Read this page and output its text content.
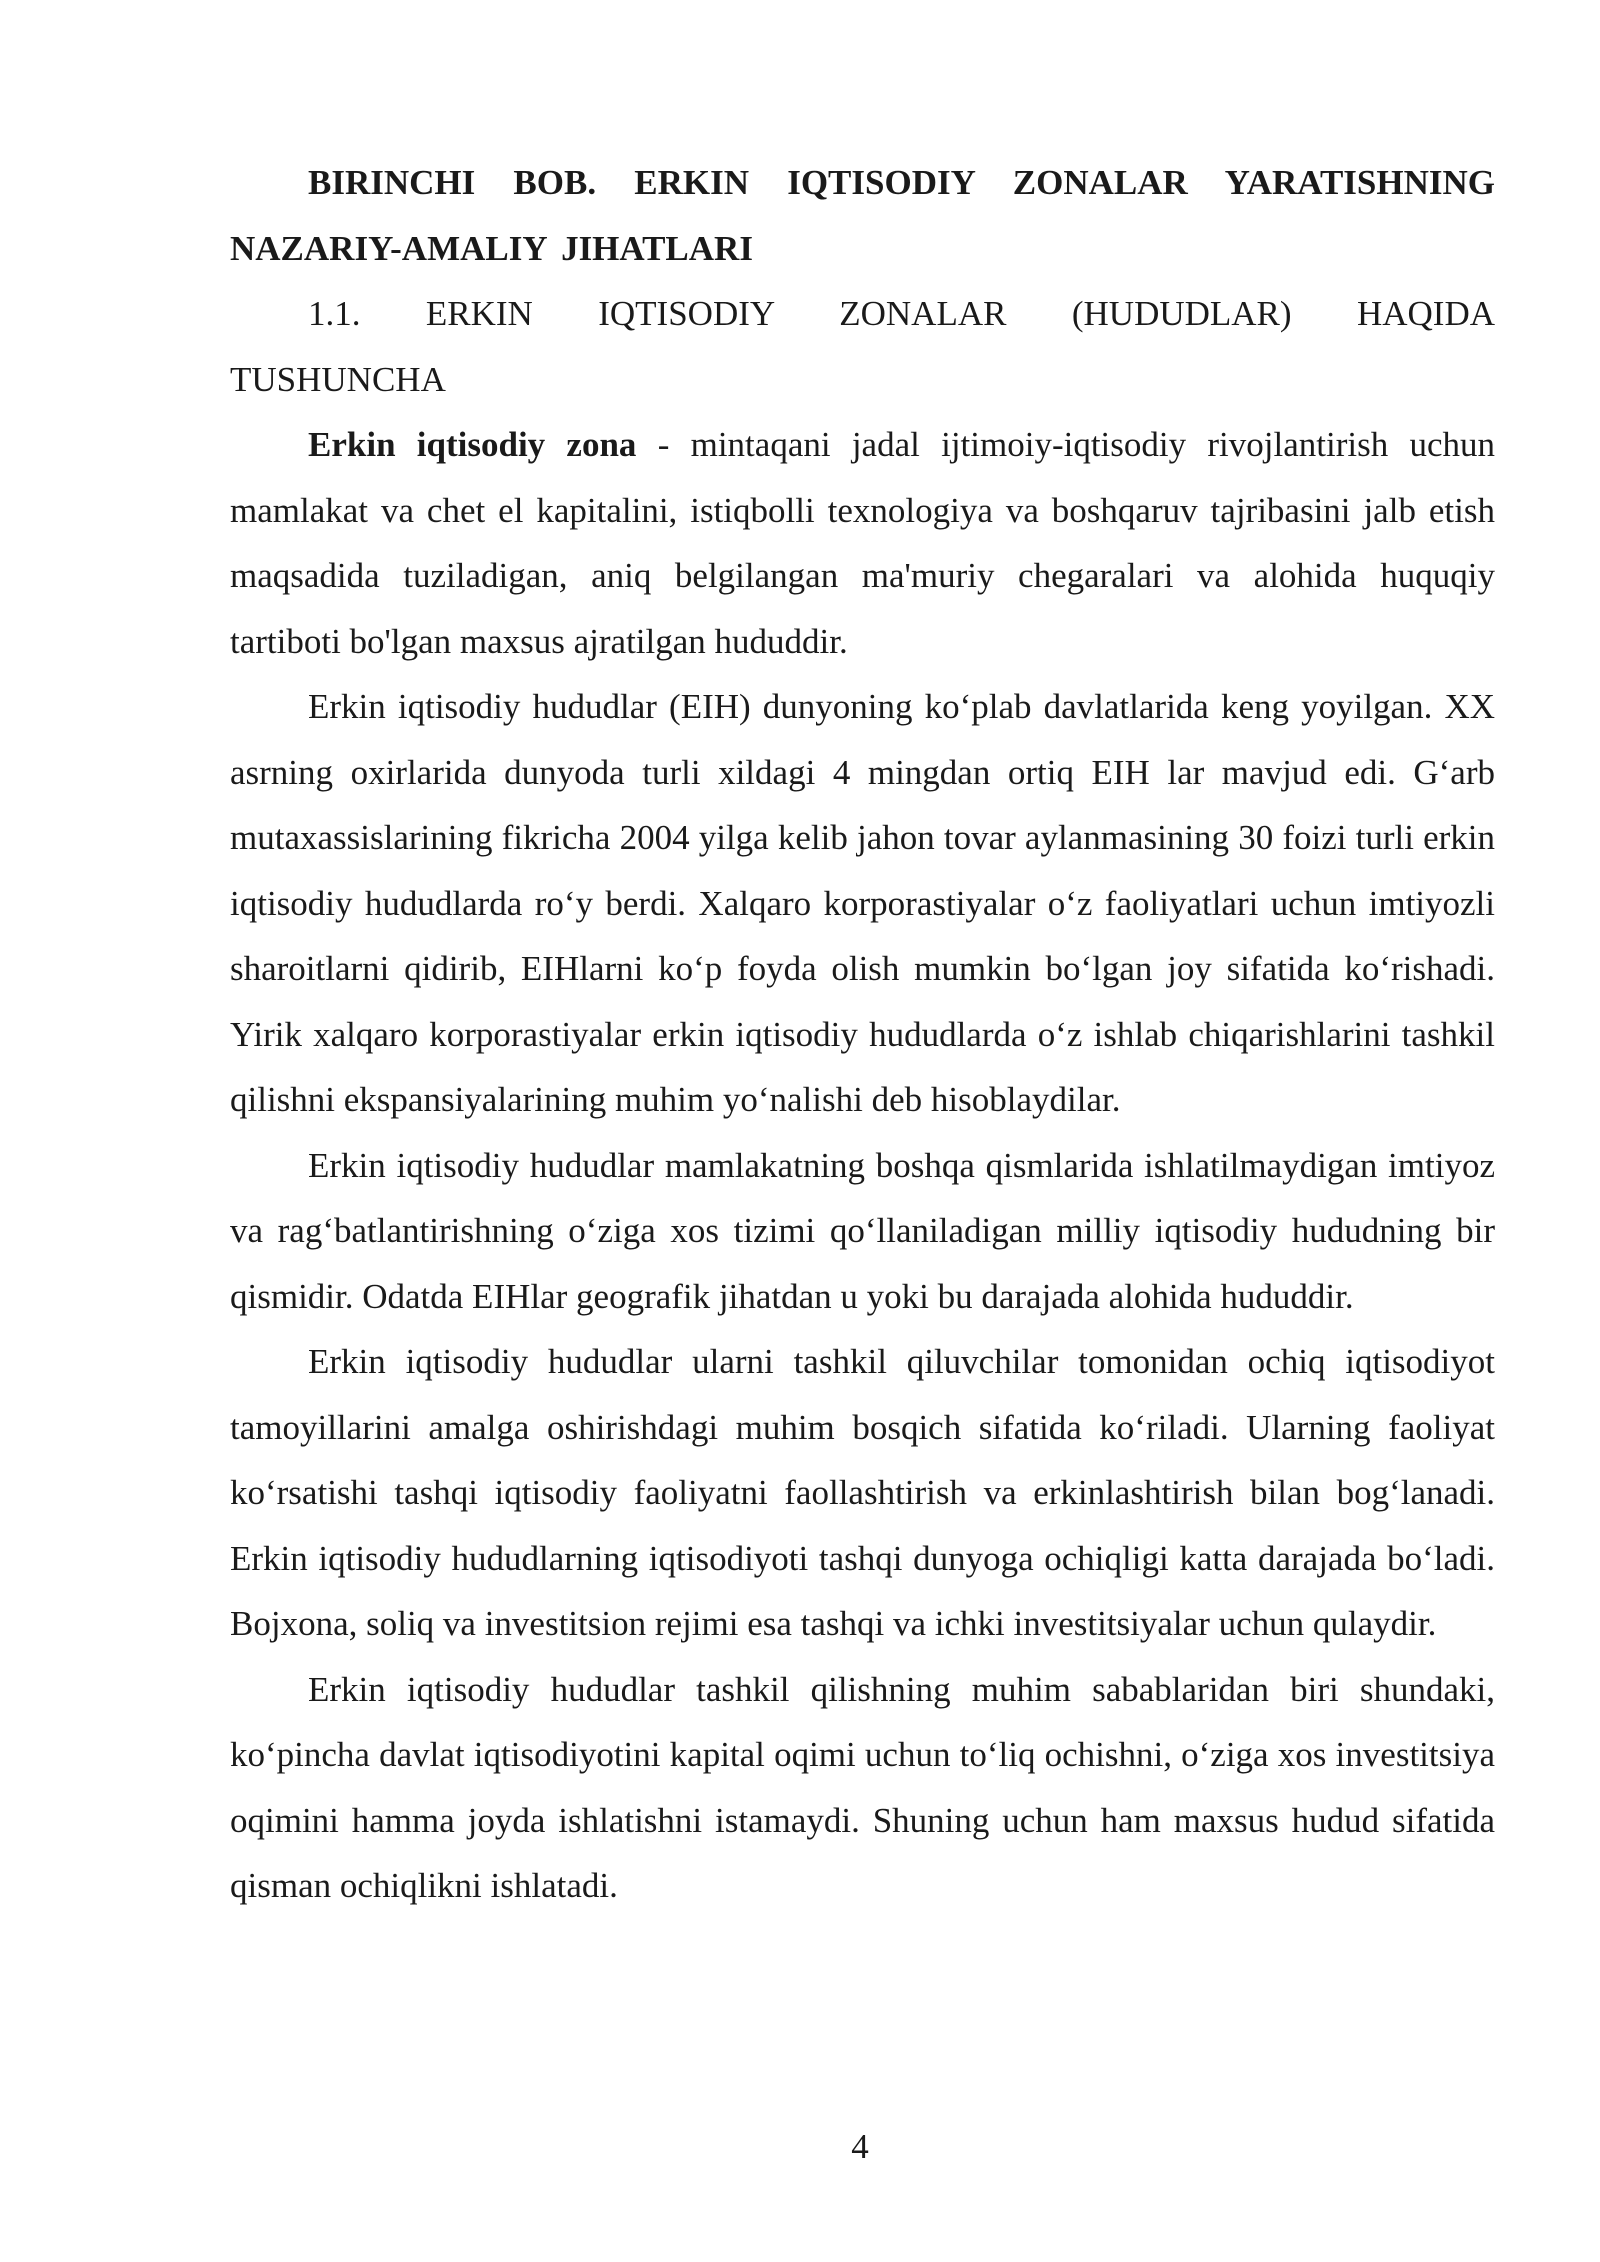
BIRINCHI BOB. ERKIN IQTISODIY ZONALAR YARATISHNING NAZARIY-AMALIY JIHATLARI

1.1. ERKIN IQTISODIY ZONALAR (HUDUDLAR) HAQIDA TUSHUNCHA

Erkin iqtisodiy zona - mintaqani jadal ijtimoiy-iqtisodiy rivojlantirish uchun mamlakat va chet el kapitalini, istiqbolli texnologiya va boshqaruv tajribasini jalb etish maqsadida tuziladigan, aniq belgilangan ma'muriy chegaralari va alohida huquqiy tartiboti bo'lgan maxsus ajratilgan hududdir.

Erkin iqtisodiy hududlar (EIH) dunyoning ko‘plab davlatlarida keng yoyilgan. XX asrning oxirlarida dunyoda turli xildagi 4 mingdan ortiq EIH lar mavjud edi. G‘arb mutaxassislarining fikricha 2004 yilga kelib jahon tovar aylanmasining 30 foizi turli erkin iqtisodiy hududlarda ro‘y berdi. Xalqaro korporastiyalar o‘z faoliyatlari uchun imtiyozli sharoitlarni qidirib, EIHlarni ko‘p foyda olish mumkin bo‘lgan joy sifatida ko‘rishadi. Yirik xalqaro korporastiyalar erkin iqtisodiy hududlarda o‘z ishlab chiqarishlarini tashkil qilishni ekspansiyalarining muhim yo‘nalishi deb hisoblaydilar.

Erkin iqtisodiy hududlar mamlakatning boshqa qismlarida ishlatilmaydigan imtiyoz va rag‘batlantirishning o‘ziga xos tizimi qo‘llaniladigan milliy iqtisodiy hududning bir qismidir. Odatda EIHlar geografik jihatdan u yoki bu darajada alohida hududdir.

Erkin iqtisodiy hududlar ularni tashkil qiluvchilar tomonidan ochiq iqtisodiyot tamoyillarini amalga oshirishdagi muhim bosqich sifatida ko‘riladi. Ularning faoliyat ko‘rsatishi tashqi iqtisodiy faoliyatni faollashtirish va erkinlashtirish bilan bog‘lanadi. Erkin iqtisodiy hududlarning iqtisodiyoti tashqi dunyoga ochiqligi katta darajada bo‘ladi. Bojxona, soliq va investitsion rejimi esa tashqi va ichki investitsiyalar uchun qulaydir.

Erkin iqtisodiy hududlar tashkil qilishning muhim sabablaridan biri shundaki, ko‘pincha davlat iqtisodiyotini kapital oqimi uchun to‘liq ochishni, o‘ziga xos investitsiya oqimini hamma joyda ishlatishni istamaydi. Shuning uchun ham maxsus hudud sifatida qisman ochiqlikni ishlatadi.

4
